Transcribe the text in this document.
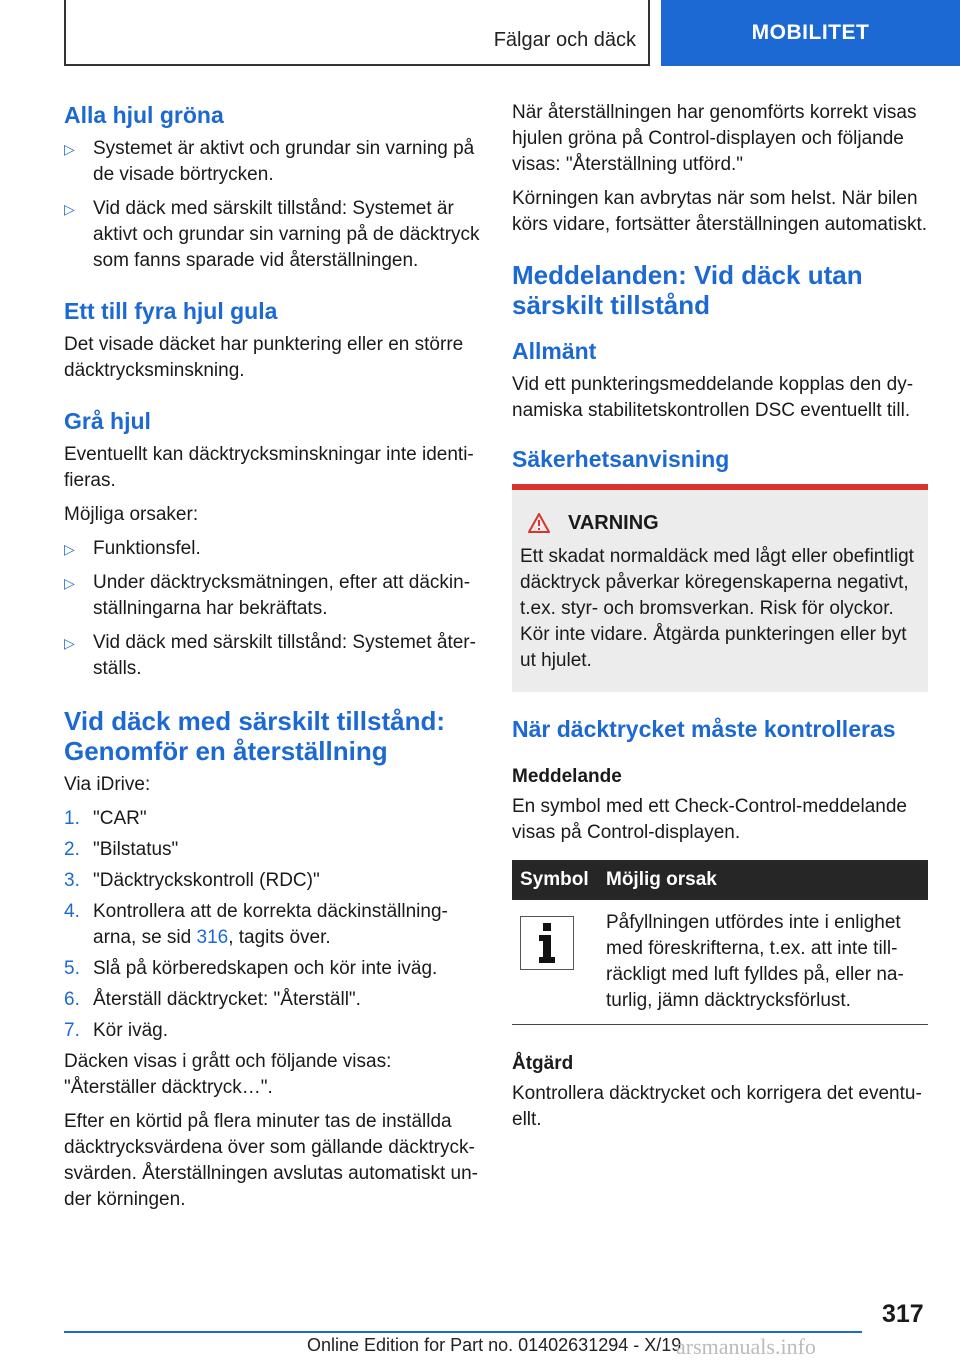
Fälgar och däck	MOBILITET
Alla hjul gröna
▷ Systemet är aktivt och grundar sin varning på de visade börtrycken.
▷ Vid däck med särskilt tillstånd: Systemet är aktivt och grundar sin varning på de däcktryck som fanns sparade vid återställningen.
Ett till fyra hjul gula

Det visade däcket har punktering eller en större däcktrycksminskning.

Grå hjul

Eventuellt kan däcktrycksminskningar inte identifieras.

Möjliga orsaker:

▷ Funktionsfel.
▷ Under däcktrycksmätningen, efter att däckinställningarna har bekräftats.
▷ Vid däck med särskilt tillstånd: Systemet återställs.
Vid däck med särskilt tillstånd: Genomför en återställning

Via iDrive:

1. "CAR"
2. "Bilstatus"
3. "Däcktryckskontroll (RDC)"
4. Kontrollera att de korrekta däckinställningarna, se sid 316, tagits över.
5. Slå på körberedskapen och kör inte iväg.
6. Återställ däcktrycket: "Återställ".
7. Kör iväg.

Däcken visas i grått och följande visas: "Återställer däcktryck…".

Efter en körtid på flera minuter tas de inställda däcktrycksvärdena över som gällande däcktrycksvärden. Återställningen avslutas automatiskt under körningen.

När återställningen har genomförts korrekt visas hjulen gröna på Control-displayen och följande visas: "Återställning utförd."

Körningen kan avbrytas när som helst. När bilen körs vidare, fortsätter återställningen automatiskt.

Meddelanden: Vid däck utan särskilt tillstånd
Allmänt

Vid ett punkteringsmeddelande kopplas den dynamiska stabilitetskontrollen DSC eventuellt till.

Säkerhetsanvisning
VARNING

Ett skadat normaldäck med lågt eller obefintligt däcktryck påverkar köregenskaperna negativt, t.ex. styr- och bromsverkan. Risk för olyckor. Kör inte vidare. Åtgärda punkteringen eller byt ut hjulet.

När däcktrycket måste kontrolleras
Meddelande

En symbol med ett Check-Control-meddelande visas på Control-displayen.

Symbol	Möjlig orsak

	Påfyllningen utfördes inte i enlighet med föreskrifterna, t.ex. att inte tillräckligt med luft fylldes på, eller naturlig, jämn däcktrycksförlust.
Åtgärd

Kontrollera däcktrycket och korrigera det eventuellt.

317
Online Edition for Part no. 01402631294 - X/19
arsmanuals.info
